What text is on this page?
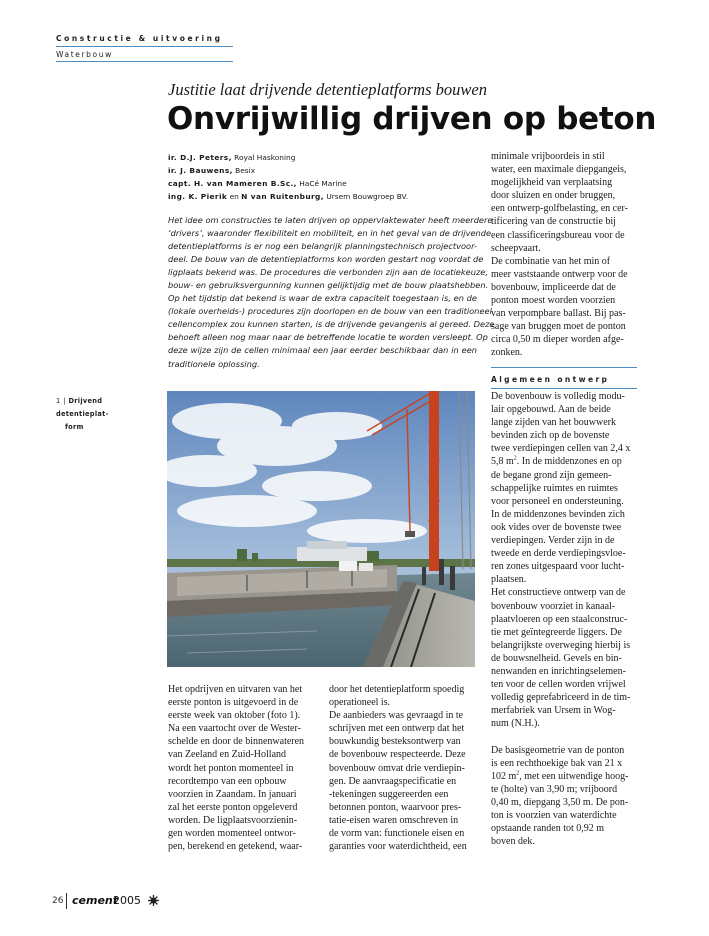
Constructie & uitvoering
Waterbouw
Justitie laat drijvende detentieplatforms bouwen
Onvrijwillig drijven op beton
ir. D.J. Peters, Royal Haskoning
ir. J. Bauwens, Besix
capt. H. van Mameren B.Sc., HaCé Marine
ing. K. Pierik en N van Ruitenburg, Ursem Bouwgroep BV.
Het idee om constructies te laten drijven op oppervlaktewater heeft meerdere
‘drivers’, waaronder flexibiliteit en mobiliteit, en in het geval van de drijvende
detentieplatforms is er nog een belangrijk planningstechnisch projectvoor-
deel. De bouw van de detentieplatforms kon worden gestart nog voordat de
ligplaats bekend was. De procedures die verbonden zijn aan de locatiekeuze,
bouw- en gebruiksvergunning kunnen gelijktijdig met de bouw plaatshebben.
Op het tijdstip dat bekend is waar de extra capaciteit toegestaan is, en de
(lokale overheids-) procedures zijn doorlopen en de bouw van een traditioneel
cellencomplex zou kunnen starten, is de drijvende gevangenis al gereed. Deze
behoeft alleen nog maar naar de betreffende locatie te worden versleept. Op
deze wijze zijn de cellen minimaal een jaar eerder beschikbaar dan in een
traditionele oplossing.
Algemeen ontwerp
1 | Drijvend detentieplat-
form
Het opdrijven en uitvaren van het
eerste ponton is uitgevoerd in de
eerste week van oktober (foto 1).
Na een vaartocht over de Wester-
schelde en door de binnenwateren
van Zeeland en Zuid-Holland
wordt het ponton momenteel in
recordtempo van een opbouw
voorzien in Zaandam. In januari
zal het eerste ponton opgeleverd
worden. De ligplaatsvoorzienin-
gen worden momenteel ontwor-
pen, berekend en getekend, waar-
door het detentieplatform spoedig
operationeel is.
De aanbieders was gevraagd in te
schrijven met een ontwerp dat het
bouwkundig besteksontwerp van
de bovenbouw respecteerde. Deze
bovenbouw omvat drie verdiepin-
gen. De aanvraagspecificatie en
-tekeningen suggereerden een
betonnen ponton, waarvoor pres-
tatie-eisen waren omschreven in
de vorm van: functionele eisen en
garanties voor waterdichtheid, een
minimale vrijboordeis in stil
water, een maximale diepgangeis,
mogelijkheid van verplaatsing
door sluizen en onder bruggen,
een ontwerp-golfbelasting, en cer-
tificering van de constructie bij
een classificeringsbureau voor de
scheepvaart.
De combinatie van het min of
meer vaststaande ontwerp voor de
bovenbouw, impliceerde dat de
ponton moest worden voorzien
van verpompbare ballast. Bij pas-
sage van bruggen moet de ponton
circa 0,50 m dieper worden afge-
zonken.
De bovenbouw is volledig modu-
lair opgebouwd. Aan de beide
lange zijden van het bouwwerk
bevinden zich op de bovenste
twee verdiepingen cellen van 2,4 x
5,8 $m^2$. In de middenzones en op
de begane grond zijn gemeen-
schappelijke ruimtes en ruimtes
voor personeel en ondersteuning.
In de middenzones bevinden zich
ook vides over de bovenste twee
verdiepingen. Verder zijn in de
tweede en derde verdiepingsvloe-
ren zones uitgespaard voor lucht-
plaatsen.
Het constructieve ontwerp van de
bovenbouw voorziet in kanaal-
plaatvloeren op een staalconstruc-
tie met geïntegreerde liggers. De
belangrijkste overweging hierbij is
de bouwsnelheid. Gevels en bin-
nenwanden en inrichtingselemen-
ten voor de cellen worden vrijwel
volledig geprefabriceerd in de tim-
merfabriek van Ursem in Wog-
num (N.H.).

De basisgeometrie van de ponton
is een rechthoekige bak van 21 x
102 $m^2$, met een uitwendige hoog-
te (holte) van 3,90 m; vrijboord
0,40 m, diepgang 3,50 m. De pon-
ton is voorzien van waterdichte
opstaande randen tot 0,92 m
boven dek.
26 cement
2005
